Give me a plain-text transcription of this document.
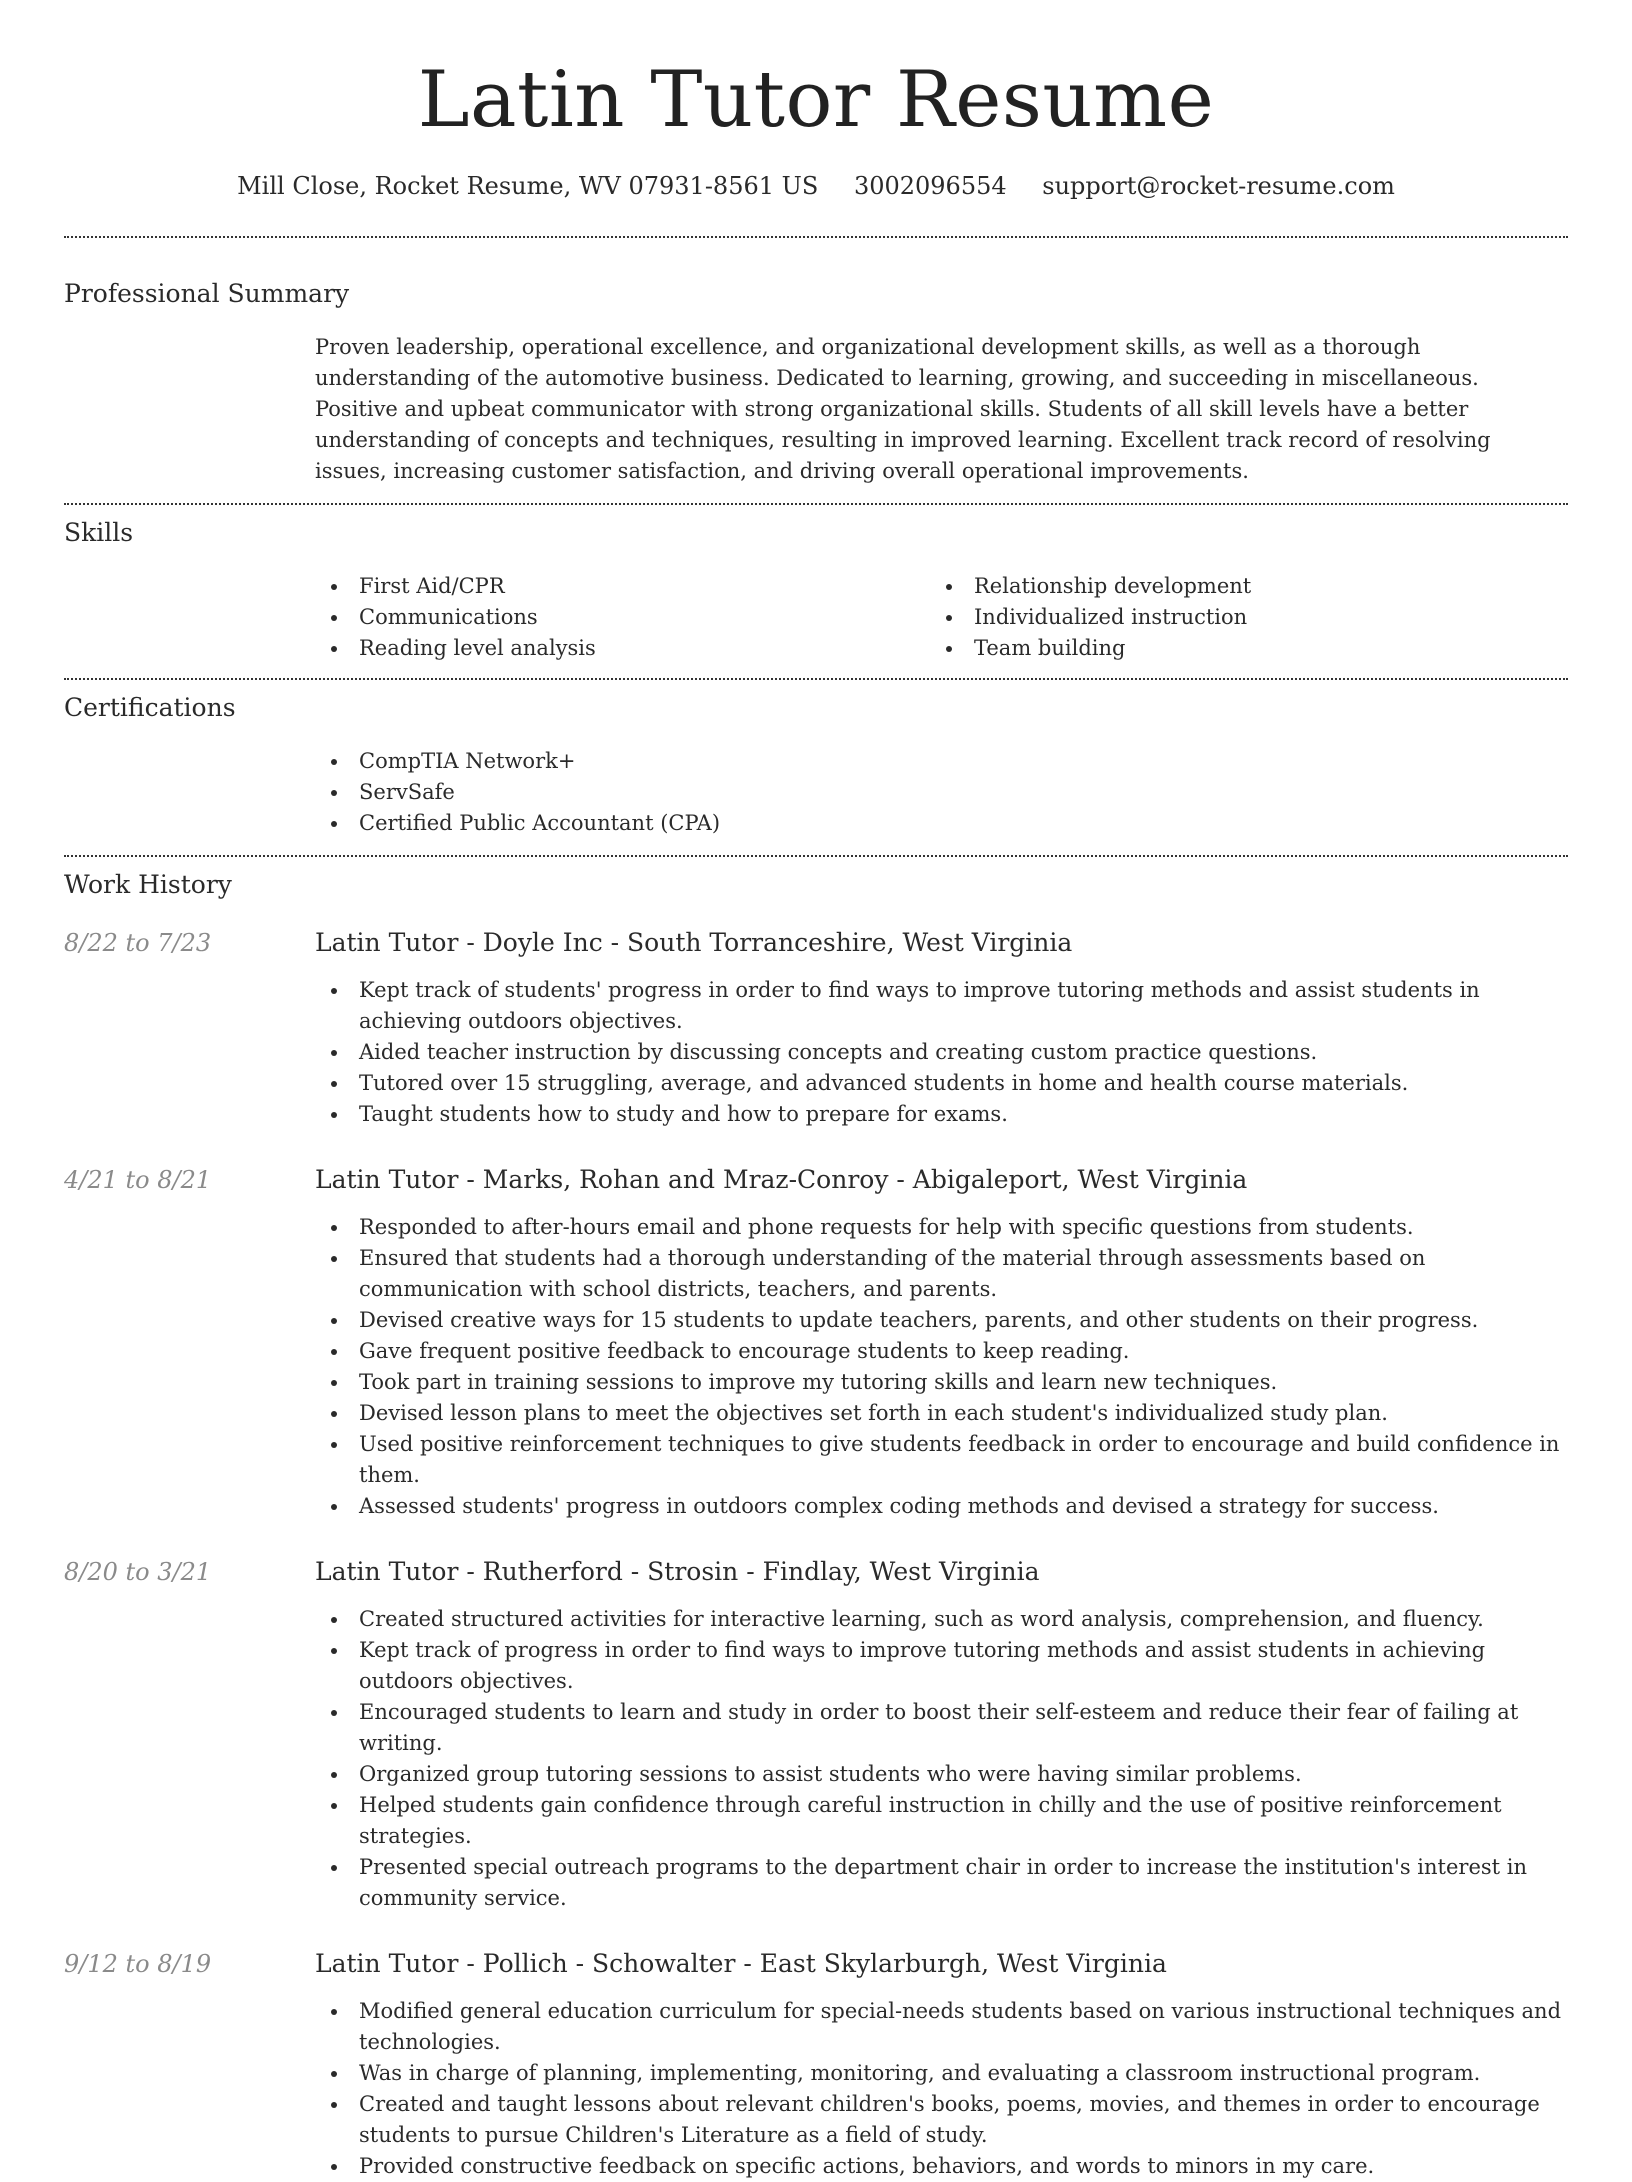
Latin Tutor Resume
Mill Close, Rocket Resume, WV 07931-8561 US 3002096554 support@rocket-resume.com
Professional Summary
Proven leadership, operational excellence, and organizational development skills, as well as a thorough understanding of the automotive business. Dedicated to learning, growing, and succeeding in miscellaneous. Positive and upbeat communicator with strong organizational skills. Students of all skill levels have a better understanding of concepts and techniques, resulting in improved learning. Excellent track record of resolving issues, increasing customer satisfaction, and driving overall operational improvements.
Skills
First Aid/CPR
Communications
Reading level analysis
Relationship development
Individualized instruction
Team building
Certifications
CompTIA Network+
ServSafe
Certified Public Accountant (CPA)
Work History
8/22 to 7/23	Latin Tutor - Doyle Inc - South Torranceshire, West Virginia
Kept track of students' progress in order to find ways to improve tutoring methods and assist students in achieving outdoors objectives.
Aided teacher instruction by discussing concepts and creating custom practice questions.
Tutored over 15 struggling, average, and advanced students in home and health course materials.
Taught students how to study and how to prepare for exams.
4/21 to 8/21	Latin Tutor - Marks, Rohan and Mraz-Conroy - Abigaleport, West Virginia
Responded to after-hours email and phone requests for help with specific questions from students.
Ensured that students had a thorough understanding of the material through assessments based on communication with school districts, teachers, and parents.
Devised creative ways for 15 students to update teachers, parents, and other students on their progress.
Gave frequent positive feedback to encourage students to keep reading.
Took part in training sessions to improve my tutoring skills and learn new techniques.
Devised lesson plans to meet the objectives set forth in each student's individualized study plan.
Used positive reinforcement techniques to give students feedback in order to encourage and build confidence in them.
Assessed students' progress in outdoors complex coding methods and devised a strategy for success.
8/20 to 3/21	Latin Tutor - Rutherford - Strosin - Findlay, West Virginia
Created structured activities for interactive learning, such as word analysis, comprehension, and fluency.
Kept track of progress in order to find ways to improve tutoring methods and assist students in achieving outdoors objectives.
Encouraged students to learn and study in order to boost their self-esteem and reduce their fear of failing at writing.
Organized group tutoring sessions to assist students who were having similar problems.
Helped students gain confidence through careful instruction in chilly and the use of positive reinforcement strategies.
Presented special outreach programs to the department chair in order to increase the institution's interest in community service.
9/12 to 8/19	Latin Tutor - Pollich - Schowalter - East Skylarburgh, West Virginia
Modified general education curriculum for special-needs students based on various instructional techniques and technologies.
Was in charge of planning, implementing, monitoring, and evaluating a classroom instructional program.
Created and taught lessons about relevant children's books, poems, movies, and themes in order to encourage students to pursue Children's Literature as a field of study.
Provided constructive feedback on specific actions, behaviors, and words to minors in my care.
